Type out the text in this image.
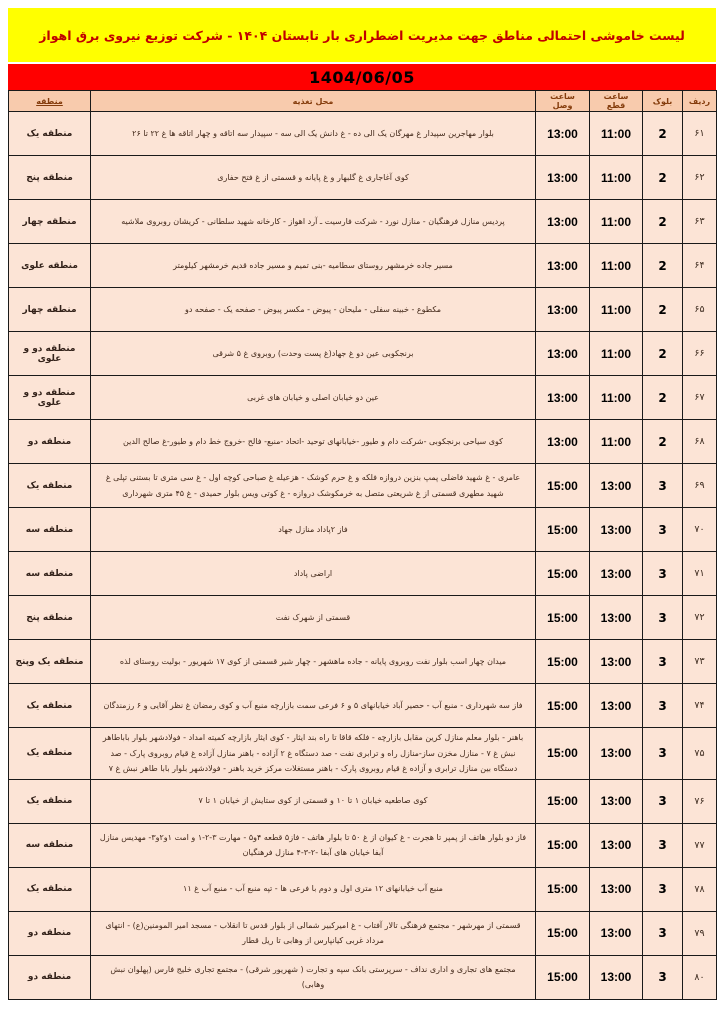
لیست خاموشی احتمالی مناطق جهت مدیریت اضطراری بار تابستان ۱۴۰۴ - شرکت توزیع نیروی برق اهواز
1404/06/05
ردیف	بلوک	ساعت قطع	ساعت وصل	محل تغذیه	منطقه
۶۱	2	11:00	13:00	بلوار مهاجرین سپیدار غ مهرگان یک الی ده - غ دانش یک الی سه - سپیدار سه اتاقه و چهار اتاقه ها غ ۲۲ تا ۲۶	منطقه یک
۶۲	2	11:00	13:00	کوی آغاجاری غ گلبهار و غ پایانه و قسمتی از غ فتح حفاری	منطقه پنج
۶۳	2	11:00	13:00	پردیس منازل فرهنگیان - منازل نورد - شرکت فارسیت ـ آرد اهواز - کارخانه شهید سلطانی - کریشان روبروی ملاشیه	منطقه چهار
۶۴	2	11:00	13:00	مسیر جاده خرمشهر روستای سطامیه -بنی تمیم و مسیر جاده قدیم خرمشهر کیلومتر	منطقه علوی
۶۵	2	11:00	13:00	مکطوع - خبینه سفلی - ملیحان - پیوض - مکسر پیوض - صفحه یک - صفحه دو	منطقه چهار
۶۶	2	11:00	13:00	برنجکوبی عین دو غ جهاد(غ پست وحدت) روبروی غ ۵ شرقی	منطقه دو و علوی
۶۷	2	11:00	13:00	عین دو خیابان اصلی و خیابان های غربی	منطقه دو و علوی
۶۸	2	11:00	13:00	کوی سیاحی برنجکوبی -شرکت دام و طیور -خیابانهای توحید -اتحاد -منبع- فالح -خروج خط دام و طیور-غ صالح الدین	منطقه دو
۶۹	3	13:00	15:00	عامری - غ شهید فاضلی پمپ بنزین دروازه فلکه و غ حرم کوشک - هزعیله غ صباحی کوچه اول - غ سی متری تا بستنی تپلی غ شهید مطهری قسمتی از غ شریعتی متصل به خرمکوشک دروازه - غ کوتی ویس بلوار حمیدی - غ ۴۵ متری شهرداری	منطقه یک
۷۰	3	13:00	15:00	فاز ۲پاداد منازل جهاد	منطقه سه
۷۱	3	13:00	15:00	اراضی پاداد	منطقه سه
۷۲	3	13:00	15:00	قسمتی از شهرک نفت	منطقه پنج
۷۳	3	13:00	15:00	میدان چهار اسب بلوار نفت روبروی پایانه - جاده ماهشهر - چهار شیر قسمتی از کوی ۱۷ شهریور - بولیت روستای لذه	منطقه یک وپنج
۷۴	3	13:00	15:00	فاز سه شهرداری - منبع آب - حصیر آباد خیابانهای ۵ و ۶ فرعی سمت بازارچه منبع آب و کوی رمضان غ نظر آقایی و ۶ رزمندگان	منطقه یک
۷۵	3	13:00	15:00	باهنر - بلوار معلم منازل کرین مقابل بازارچه - فلکه قاقا تا راه بند ایثار - کوی ایثار بازارچه کمیته امداد - فولادشهر بلوار باباطاهر نبش غ ۷ - منازل مخزن ساز-منازل راه و ترابری نفت - صد دستگاه غ ۲ آزاده - باهنر منازل آزاده غ قیام روبروی پارک - صد دستگاه بین منازل ترابری و آزاده غ قیام روبروی پارک - باهنر مستغلات مرکز خرید باهنر - فولادشهر بلوار بابا طاهر نبش غ ۷	منطقه یک
۷۶	3	13:00	15:00	کوی صاطعیه خیابان ۱ تا ۱۰ و قسمتی از کوی ستایش از خیابان ۱ تا ۷	منطقه یک
۷۷	3	13:00	15:00	فاز دو بلوار هاتف از پمپر تا هجرت - غ کیوان از غ ۵۰ تا بلوار هاتف - فاز۵ قطعه ۴و۵ - مهارت ۳-۲-۱ و امت ۱و۲و۳- مهدیس منازل آبفا خیابان های آبفا -۲-۳-۴ منازل فرهنگیان	منطقه سه
۷۸	3	13:00	15:00	منبع آب خیابانهای ۱۲ متری اول و دوم با فرعی ها - تپه منبع آب - منبع آب غ ۱۱	منطقه یک
۷۹	3	13:00	15:00	قسمتی از مهرشهر - مجتمع فرهنگی تالار آفتاب - غ امیرکبیر شمالی از بلوار قدس تا انقلاب - مسجد امیر المومنین(ع) - انتهای مرداد غربی کیانپارس از وهابی تا ریل قطار	منطقه دو
۸۰	3	13:00	15:00	مجتمع های تجاری و اداری نداف - سرپرستی بانک سپه و تجارت ( شهریور شرقی) - مجتمع تجاری خلیج فارس (پهلوان نبش وهابی)	منطقه دو
